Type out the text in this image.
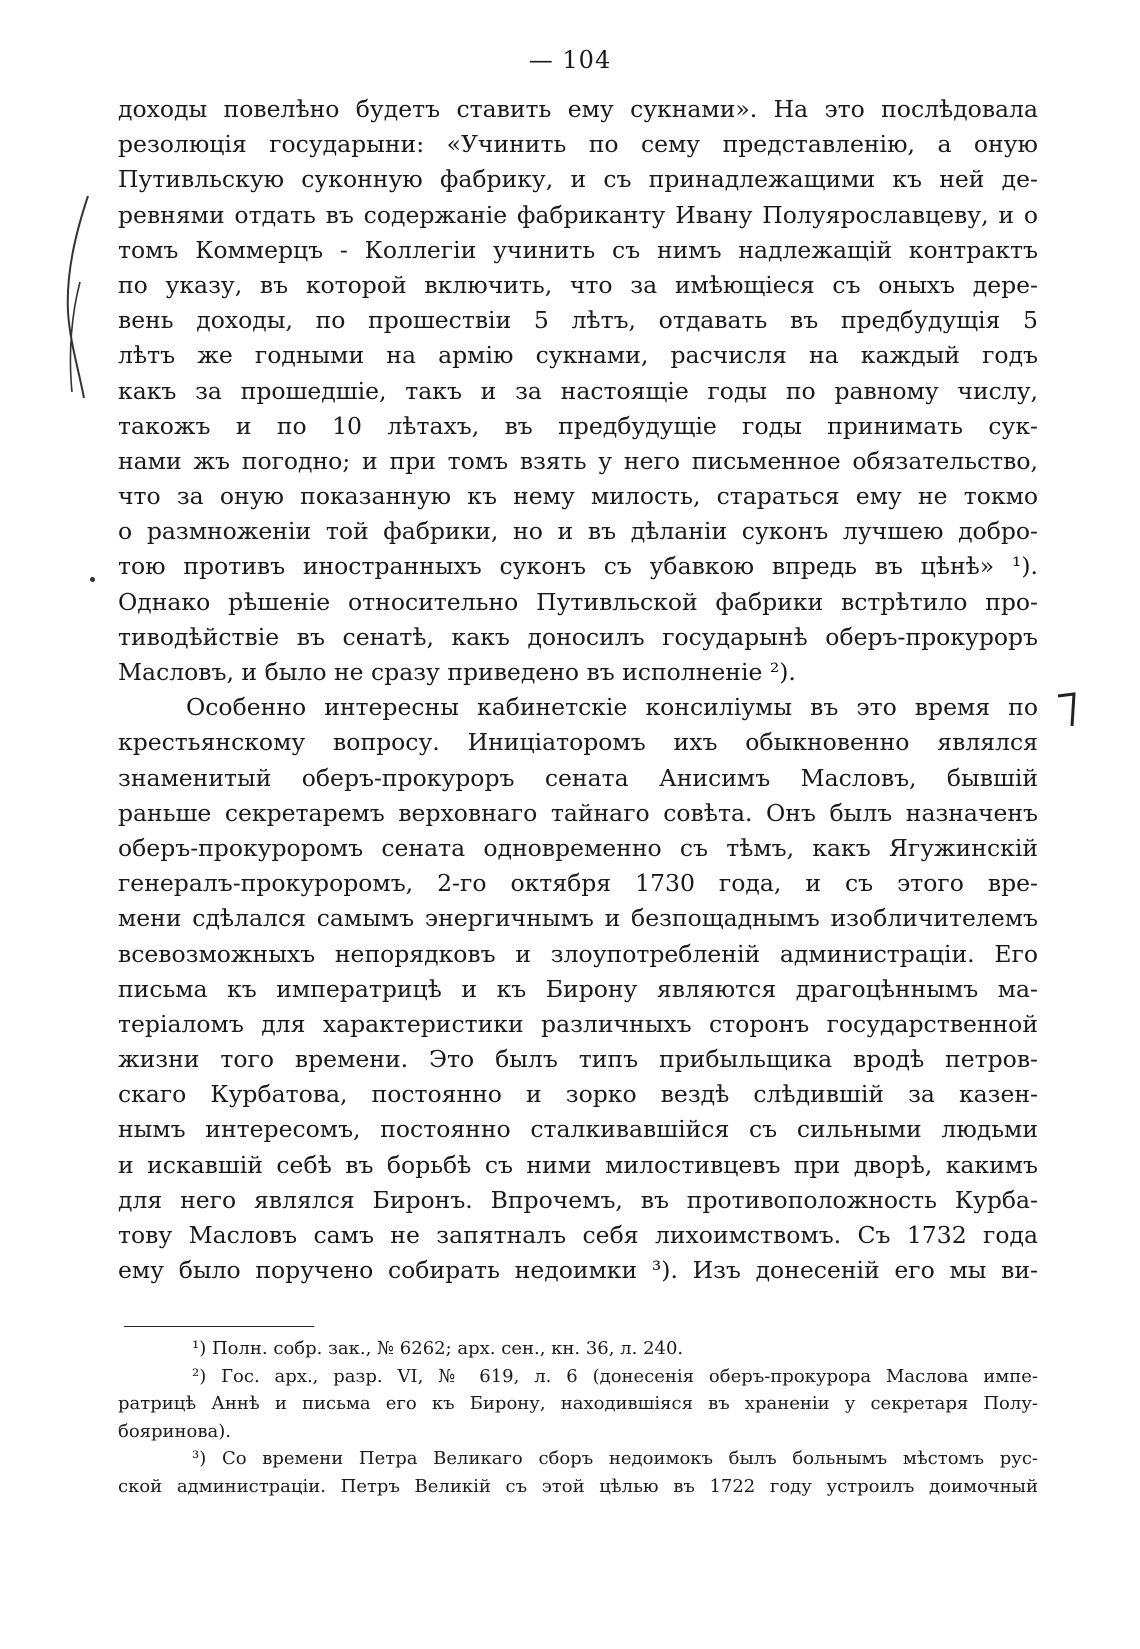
— 104
доходы повелѣно будетъ ставить ему сукнами». На это послѣдовала
резолюція государыни: «Учинить по сему представленію, а оную
Путивльскую суконную фабрику, и съ принадлежащими къ ней де-
ревнями отдать въ содержаніе фабриканту Ивану Полуярославцеву, и о
томъ Коммерцъ - Коллегіи учинить съ нимъ надлежащій контрактъ
по указу, въ которой включить, что за имѣющіеся съ оныхъ дере-
вень доходы, по прошествіи 5 лѣтъ, отдавать въ предбудущія 5
лѣтъ же годными на армію сукнами, расчисля на каждый годъ
какъ за прошедшіе, такъ и за настоящіе годы по равному числу,
такожъ и по 10 лѣтахъ, въ предбудущіе годы принимать сук-
нами жъ погодно; и при томъ взять у него письменное обязательство,
что за оную показанную къ нему милость, стараться ему не токмо
о размноженіи той фабрики, но и въ дѣланіи суконъ лучшею добро-
тою противъ иностранныхъ суконъ съ убавкою впредь въ цѣнѣ» ¹).
Однако рѣшеніе относительно Путивльской фабрики встрѣтило про-
тиводѣйствіе въ сенатѣ, какъ доносилъ государынѣ оберъ-прокуроръ
Масловъ, и было не сразу приведено въ исполненіе ²).
Особенно интересны кабинетскіе консиліумы въ это время по
крестьянскому вопросу. Иниціаторомъ ихъ обыкновенно являлся
знаменитый оберъ-прокуроръ сената Анисимъ Масловъ, бывшій
раньше секретаремъ верховнаго тайнаго совѣта. Онъ былъ назначенъ
оберъ-прокуроромъ сената одновременно съ тѣмъ, какъ Ягужинскій
генералъ-прокуроромъ, 2-го октября 1730 года, и съ этого вре-
мени сдѣлался самымъ энергичнымъ и безпощаднымъ изобличителемъ
всевозможныхъ непорядковъ и злоупотребленій администраціи. Его
письма къ императрицѣ и къ Бирону являются драгоцѣннымъ ма-
теріаломъ для характеристики различныхъ сторонъ государственной
жизни того времени. Это былъ типъ прибыльщика вродѣ петров-
скаго Курбатова, постоянно и зорко вездѣ слѣдившій за казен-
нымъ интересомъ, постоянно сталкивавшійся съ сильными людьми
и искавшій себѣ въ борьбѣ съ ними милостивцевъ при дворѣ, какимъ
для него являлся Биронъ. Впрочемъ, въ противоположность Курба-
тову Масловъ самъ не запятналъ себя лихоимствомъ. Съ 1732 года
ему было поручено собирать недоимки ³). Изъ донесеній его мы ви-
¹) Полн. собр. зак., № 6262; арх. сен., кн. 36, л. 240.
²) Гос. арх., разр. VI, № 619, л. 6 (донесенія оберъ-прокурора Маслова импе-
ратрицѣ Аннѣ и письма его къ Бирону, находившіяся въ храненіи у секретаря Полу-
бояринова).
³) Со времени Петра Великаго сборъ недоимокъ былъ больнымъ мѣстомъ рус-
ской администраціи. Петръ Великій съ этой цѣлью въ 1722 году устроилъ доимочный
